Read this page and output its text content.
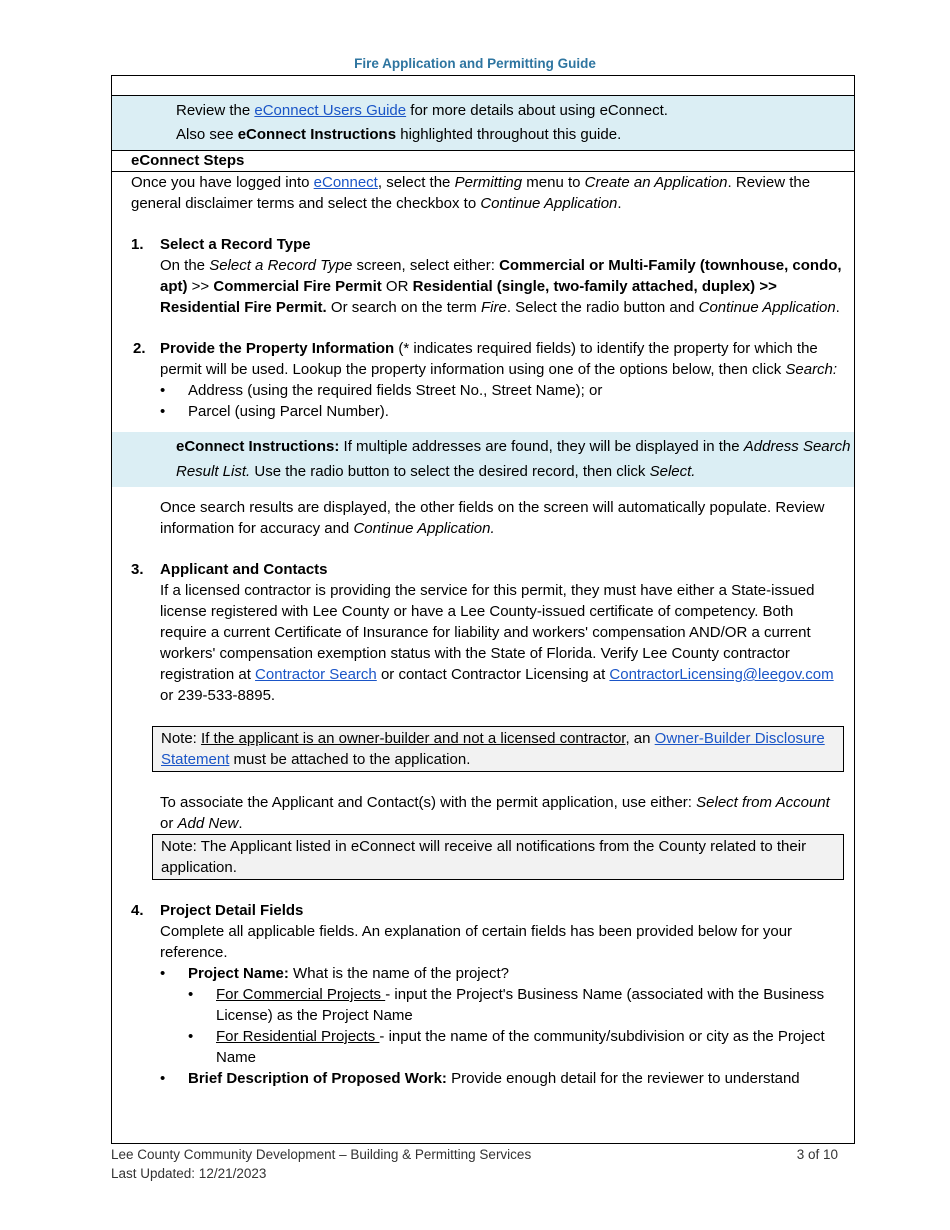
Fire Application and Permitting Guide
Review the eConnect Users Guide for more details about using eConnect.
Also see eConnect Instructions highlighted throughout this guide.
eConnect Steps
Once you have logged into eConnect, select the Permitting menu to Create an Application. Review the general disclaimer terms and select the checkbox to Continue Application.
1. Select a Record Type
On the Select a Record Type screen, select either: Commercial or Multi-Family (townhouse, condo, apt) >> Commercial Fire Permit OR Residential (single, two-family attached, duplex) >> Residential Fire Permit. Or search on the term Fire. Select the radio button and Continue Application.
2. Provide the Property Information (* indicates required fields) to identify the property for which the permit will be used. Lookup the property information using one of the options below, then click Search:
• Address (using the required fields Street No., Street Name); or
• Parcel (using Parcel Number).
eConnect Instructions: If multiple addresses are found, they will be displayed in the Address Search Result List. Use the radio button to select the desired record, then click Select.
Once search results are displayed, the other fields on the screen will automatically populate. Review information for accuracy and Continue Application.
3. Applicant and Contacts
If a licensed contractor is providing the service for this permit, they must have either a State-issued license registered with Lee County or have a Lee County-issued certificate of competency. Both require a current Certificate of Insurance for liability and workers' compensation AND/OR a current workers' compensation exemption status with the State of Florida. Verify Lee County contractor registration at Contractor Search or contact Contractor Licensing at ContractorLicensing@leegov.com or 239-533-8895.
Note: If the applicant is an owner-builder and not a licensed contractor, an Owner-Builder Disclosure Statement must be attached to the application.
To associate the Applicant and Contact(s) with the permit application, use either: Select from Account or Add New.
Note: The Applicant listed in eConnect will receive all notifications from the County related to their application.
4. Project Detail Fields
Complete all applicable fields. An explanation of certain fields has been provided below for your reference.
• Project Name: What is the name of the project?
• For Commercial Projects - input the Project's Business Name (associated with the Business License) as the Project Name
• For Residential Projects - input the name of the community/subdivision or city as the Project Name
• Brief Description of Proposed Work: Provide enough detail for the reviewer to understand
Lee County Community Development – Building & Permitting Services	3 of 10
Last Updated: 12/21/2023
